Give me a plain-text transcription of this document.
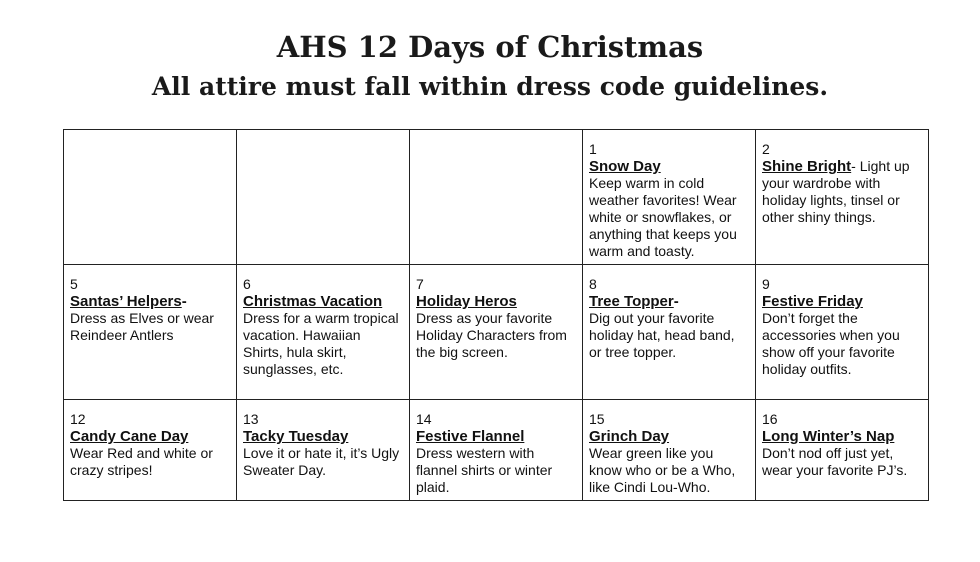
AHS 12 Days of Christmas
All attire must fall within dress code guidelines.

			1
Snow Day
Keep warm in cold weather favorites! Wear white or snowflakes, or anything that keeps you warm and toasty.	2
Shine Bright- Light up
your wardrobe with holiday lights, tinsel or other shiny things.

5
Santas’ Helpers-
Dress as Elves or wear Reindeer Antlers	6
Christmas Vacation
Dress for a warm tropical vacation. Hawaiian Shirts, hula skirt, sunglasses, etc.	7
Holiday Heros
Dress as your favorite Holiday Characters from the big screen.	8
Tree Topper-
Dig out your favorite holiday hat, head band, or tree topper.	9
Festive Friday
Don’t forget the accessories when you show off your favorite holiday outfits.

12
Candy Cane Day
Wear Red and white or crazy stripes!	13
Tacky Tuesday
Love it or hate it, it’s Ugly Sweater Day.	14
Festive Flannel
Dress western with flannel shirts or winter plaid.	15
Grinch Day
Wear green like you know who or be a Who, like Cindi Lou-Who.	16
Long Winter’s Nap
Don’t nod off just yet, wear your favorite PJ’s.
